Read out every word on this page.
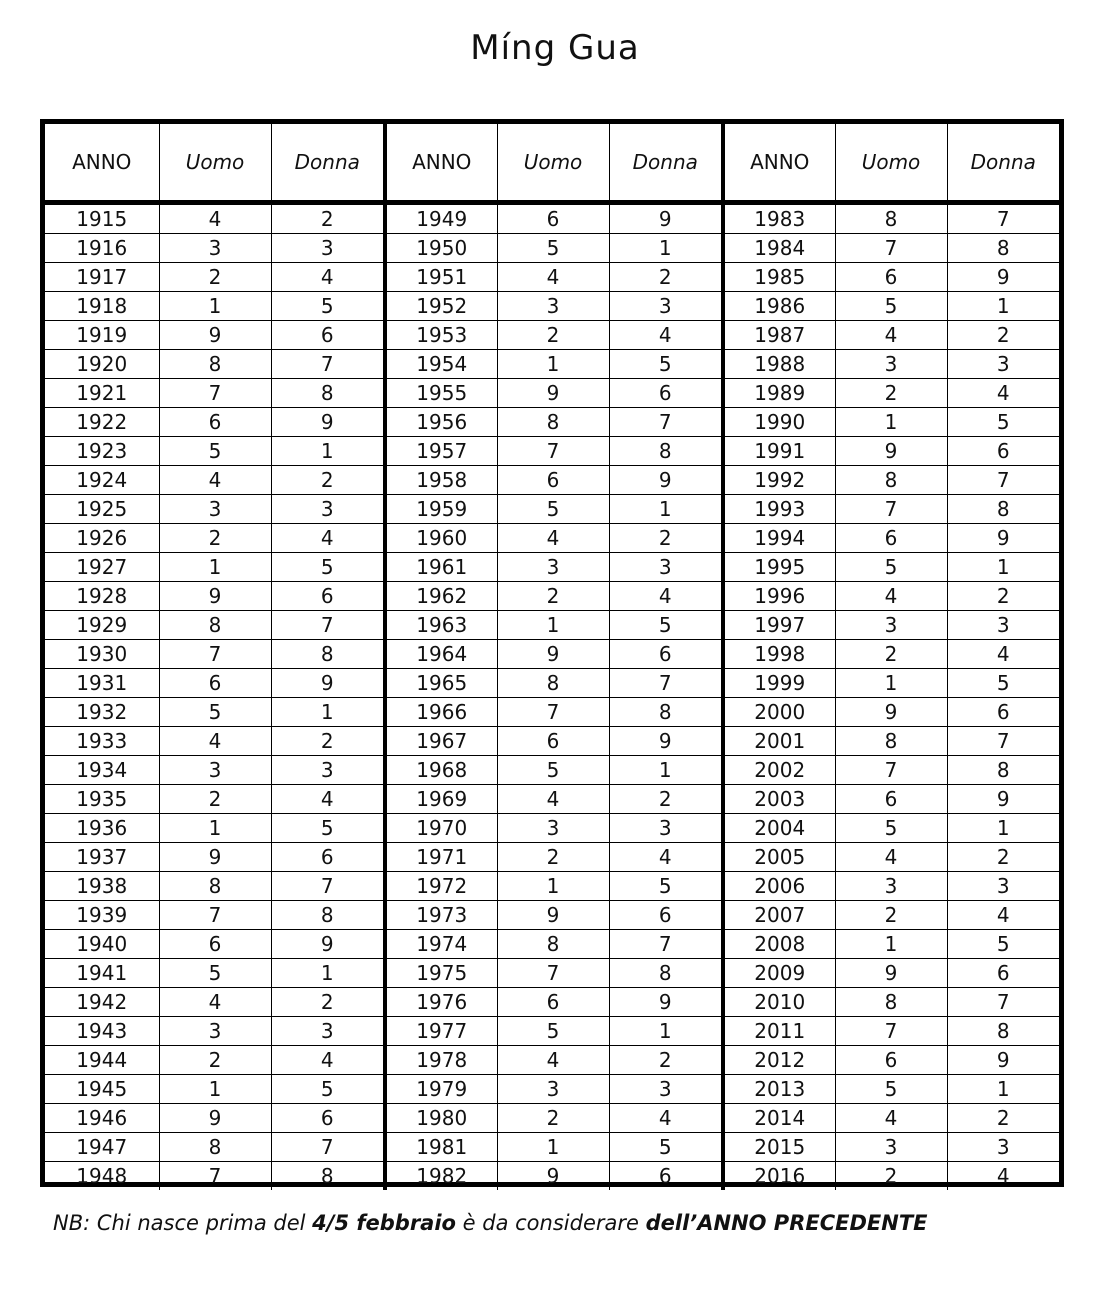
Míng Gua
ANNO	Uomo	Donna	ANNO	Uomo	Donna	ANNO	Uomo	Donna
1915	4	2	1949	6	9	1983	8	7
1916	3	3	1950	5	1	1984	7	8
1917	2	4	1951	4	2	1985	6	9
1918	1	5	1952	3	3	1986	5	1
1919	9	6	1953	2	4	1987	4	2
1920	8	7	1954	1	5	1988	3	3
1921	7	8	1955	9	6	1989	2	4
1922	6	9	1956	8	7	1990	1	5
1923	5	1	1957	7	8	1991	9	6
1924	4	2	1958	6	9	1992	8	7
1925	3	3	1959	5	1	1993	7	8
1926	2	4	1960	4	2	1994	6	9
1927	1	5	1961	3	3	1995	5	1
1928	9	6	1962	2	4	1996	4	2
1929	8	7	1963	1	5	1997	3	3
1930	7	8	1964	9	6	1998	2	4
1931	6	9	1965	8	7	1999	1	5
1932	5	1	1966	7	8	2000	9	6
1933	4	2	1967	6	9	2001	8	7
1934	3	3	1968	5	1	2002	7	8
1935	2	4	1969	4	2	2003	6	9
1936	1	5	1970	3	3	2004	5	1
1937	9	6	1971	2	4	2005	4	2
1938	8	7	1972	1	5	2006	3	3
1939	7	8	1973	9	6	2007	2	4
1940	6	9	1974	8	7	2008	1	5
1941	5	1	1975	7	8	2009	9	6
1942	4	2	1976	6	9	2010	8	7
1943	3	3	1977	5	1	2011	7	8
1944	2	4	1978	4	2	2012	6	9
1945	1	5	1979	3	3	2013	5	1
1946	9	6	1980	2	4	2014	4	2
1947	8	7	1981	1	5	2015	3	3
1948	7	8	1982	9	6	2016	2	4

NB: Chi nasce prima del 4/5 febbraio è da considerare dell’ANNO PRECEDENTE
